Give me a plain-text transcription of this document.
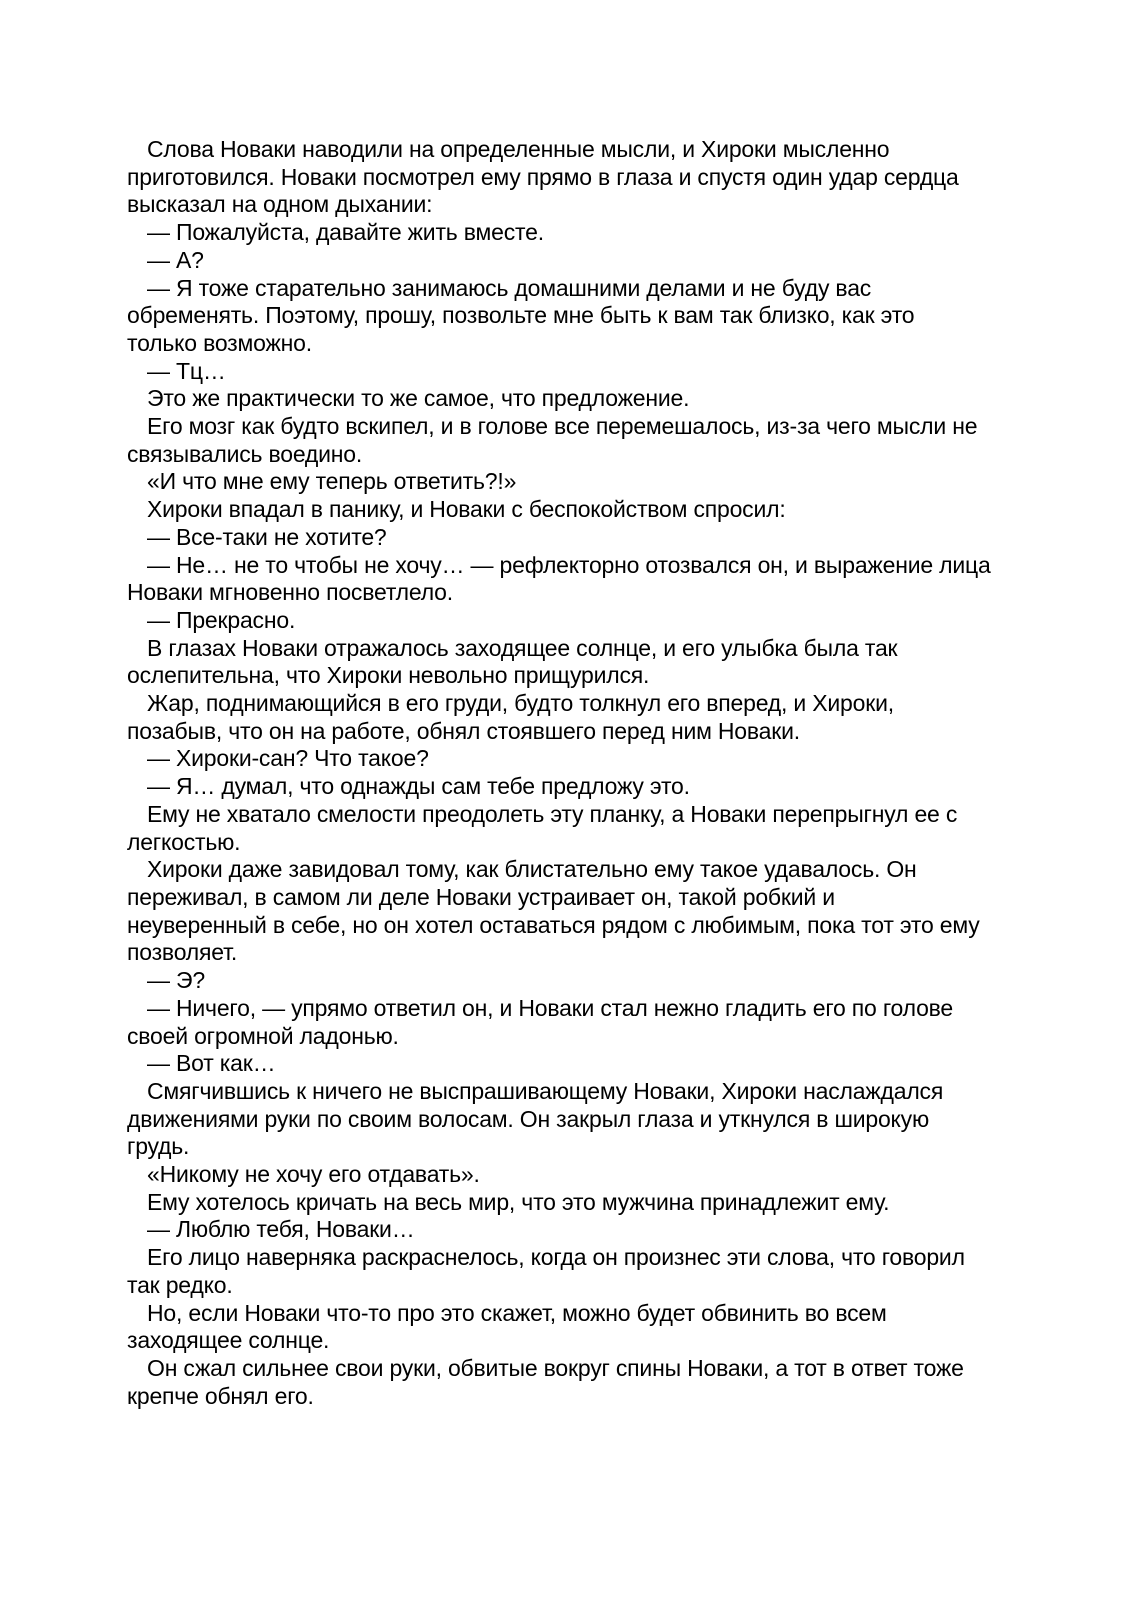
Слова Новаки наводили на определенные мысли, и Хироки мысленно
приготовился. Новаки посмотрел ему прямо в глаза и спустя один удар сердца
высказал на одном дыхании:
— Пожалуйста, давайте жить вместе.
— А?
— Я тоже старательно занимаюсь домашними делами и не буду вас
обременять. Поэтому, прошу, позвольте мне быть к вам так близко, как это
только возможно.
— Тц…
Это же практически то же самое, что предложение.
Его мозг как будто вскипел, и в голове все перемешалось, из-за чего мысли не
связывались воедино.
«И что мне ему теперь ответить?!»
Хироки впадал в панику, и Новаки с беспокойством спросил:
— Все-таки не хотите?
— Не… не то чтобы не хочу… — рефлекторно отозвался он, и выражение лица
Новаки мгновенно посветлело.
— Прекрасно.
В глазах Новаки отражалось заходящее солнце, и его улыбка была так
ослепительна, что Хироки невольно прищурился.
Жар, поднимающийся в его груди, будто толкнул его вперед, и Хироки,
позабыв, что он на работе, обнял стоявшего перед ним Новаки.
— Хироки-сан? Что такое?
— Я… думал, что однажды сам тебе предложу это.
Ему не хватало смелости преодолеть эту планку, а Новаки перепрыгнул ее с
легкостью.
Хироки даже завидовал тому, как блистательно ему такое удавалось. Он
переживал, в самом ли деле Новаки устраивает он, такой робкий и
неуверенный в себе, но он хотел оставаться рядом с любимым, пока тот это ему
позволяет.
— Э?
— Ничего, — упрямо ответил он, и Новаки стал нежно гладить его по голове
своей огромной ладонью.
— Вот как…
Смягчившись к ничего не выспрашивающему Новаки, Хироки наслаждался
движениями руки по своим волосам. Он закрыл глаза и уткнулся в широкую
грудь.
«Никому не хочу его отдавать».
Ему хотелось кричать на весь мир, что это мужчина принадлежит ему.
— Люблю тебя, Новаки…
Его лицо наверняка раскраснелось, когда он произнес эти слова, что говорил
так редко.
Но, если Новаки что-то про это скажет, можно будет обвинить во всем
заходящее солнце.
Он сжал сильнее свои руки, обвитые вокруг спины Новаки, а тот в ответ тоже
крепче обнял его.
